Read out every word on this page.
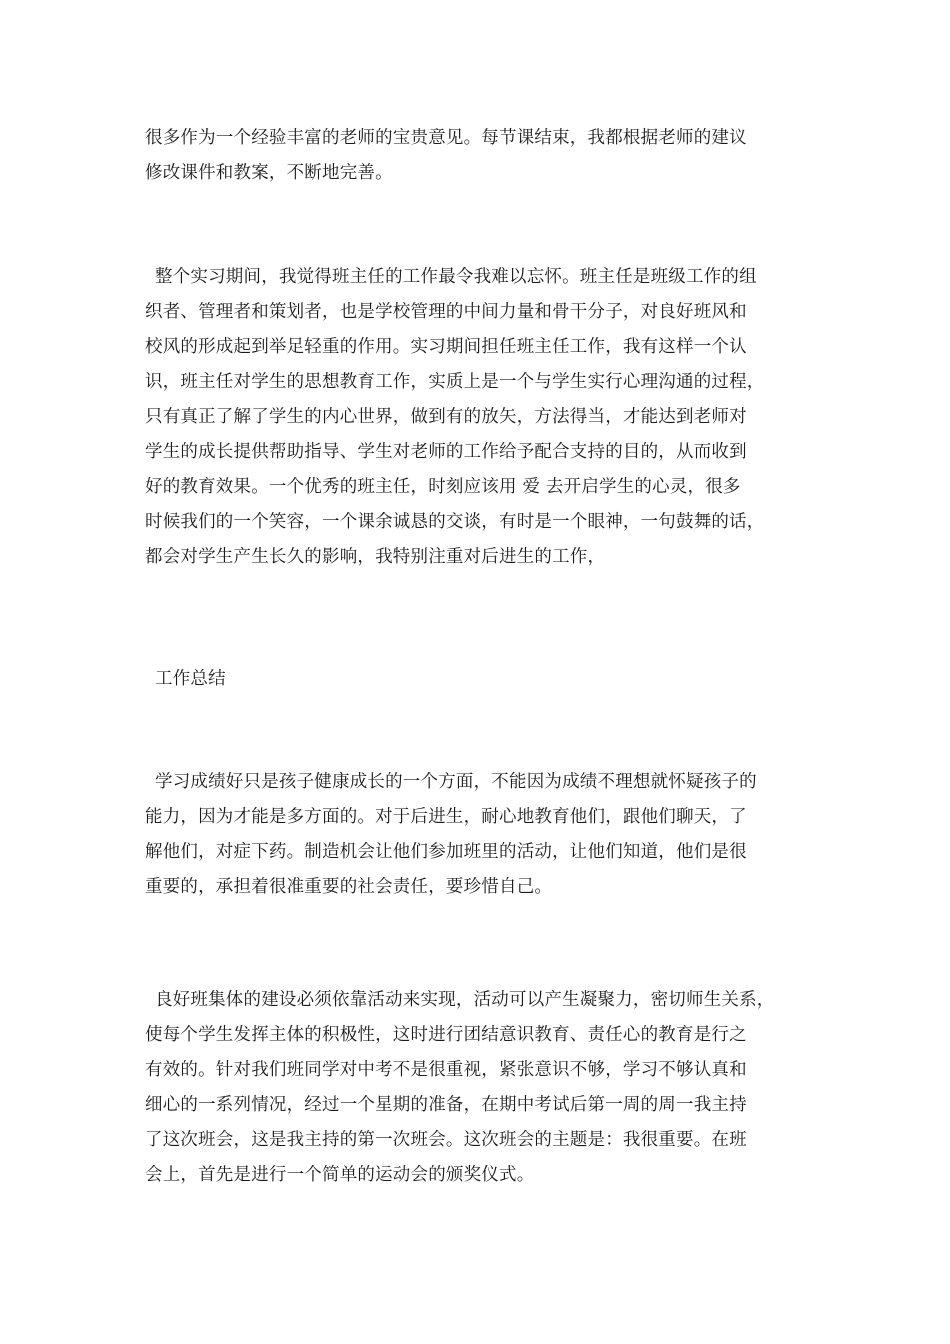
很多作为一个经验丰富的老师的宝贵意见。每节课结束，我都根据老师的建议
修改课件和教案，不断地完善。
整个实习期间，我觉得班主任的工作最令我难以忘怀。班主任是班级工作的组
织者、管理者和策划者，也是学校管理的中间力量和骨干分子，对良好班风和
校风的形成起到举足轻重的作用。实习期间担任班主任工作，我有这样一个认
识，班主任对学生的思想教育工作，实质上是一个与学生实行心理沟通的过程，
只有真正了解了学生的内心世界，做到有的放矢，方法得当，才能达到老师对
学生的成长提供帮助指导、学生对老师的工作给予配合支持的目的，从而收到
好的教育效果。一个优秀的班主任，时刻应该用 爱 去开启学生的心灵，很多
时候我们的一个笑容，一个课余诚恳的交谈，有时是一个眼神，一句鼓舞的话，
都会对学生产生长久的影响，我特别注重对后进生的工作，
工作总结
学习成绩好只是孩子健康成长的一个方面，不能因为成绩不理想就怀疑孩子的
能力，因为才能是多方面的。对于后进生，耐心地教育他们，跟他们聊天，了
解他们，对症下药。制造机会让他们参加班里的活动，让他们知道，他们是很
重要的，承担着很准重要的社会责任，要珍惜自己。
良好班集体的建设必须依靠活动来实现，活动可以产生凝聚力，密切师生关系，
使每个学生发挥主体的积极性，这时进行团结意识教育、责任心的教育是行之
有效的。针对我们班同学对中考不是很重视，紧张意识不够，学习不够认真和
细心的一系列情况，经过一个星期的准备，在期中考试后第一周的周一我主持
了这次班会，这是我主持的第一次班会。这次班会的主题是：我很重要。在班
会上，首先是进行一个简单的运动会的颁奖仪式。
